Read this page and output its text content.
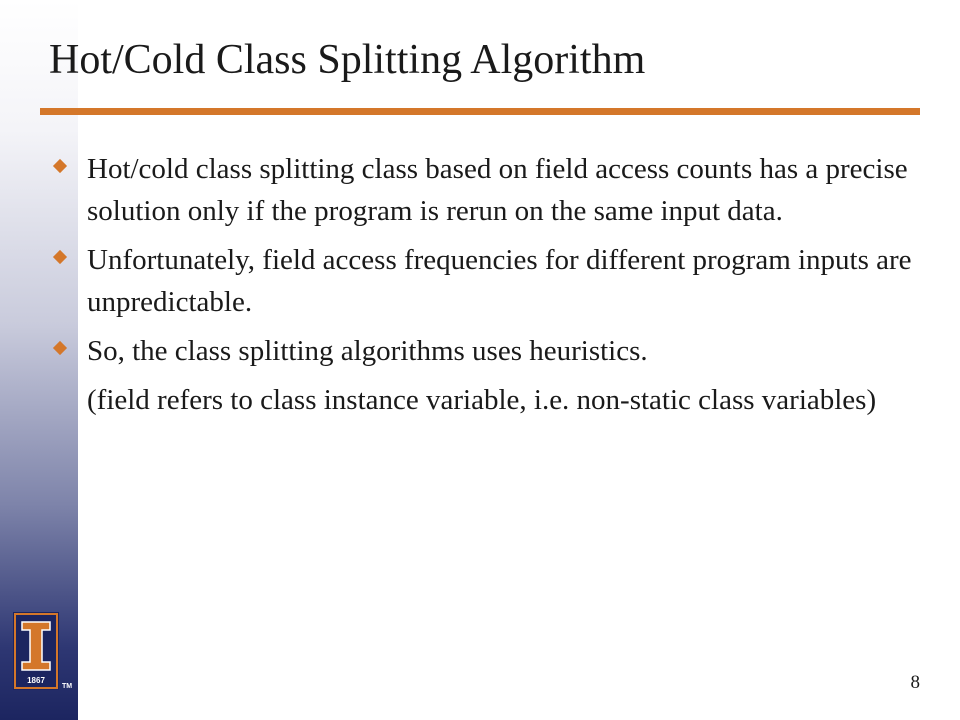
Hot/Cold Class Splitting Algorithm
Hot/cold class splitting class based on field access counts has a precise solution only if the program is rerun on the same input data.
Unfortunately, field access frequencies for different program inputs are unpredictable.
So, the class splitting algorithms uses heuristics.
(field refers to class instance variable, i.e. non-static class variables)
1867
TM	8
